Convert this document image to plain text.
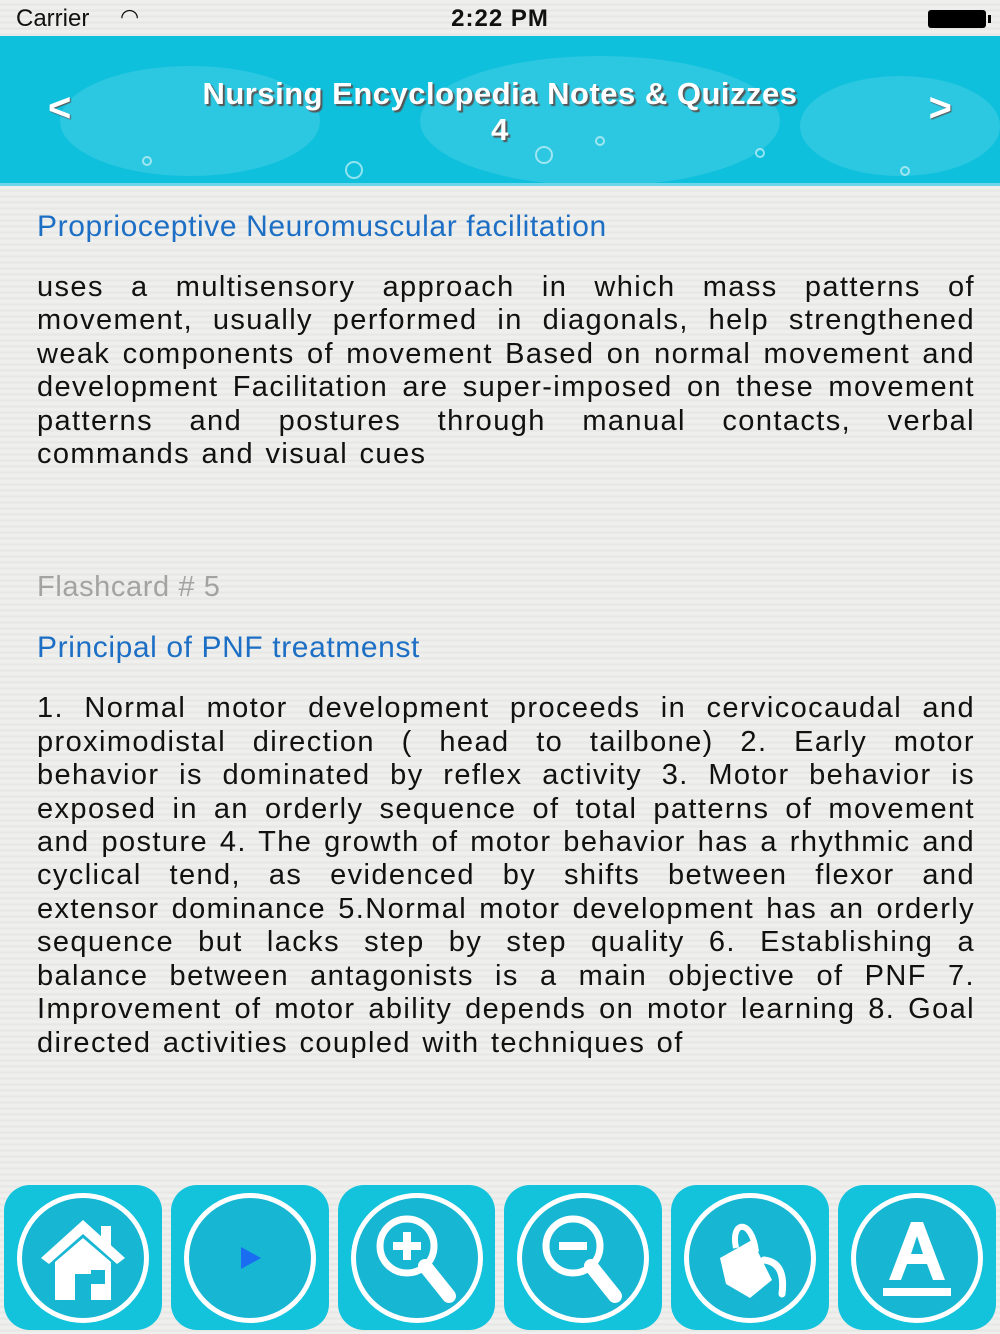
Carrier ◠	2:22 PM
<	Nursing Encyclopedia Notes & Quizzes
4	>
Proprioceptive Neuromuscular facilitation
uses a multisensory approach in which mass patterns of movement, usually performed in diagonals, help strengthened weak components of movement Based on normal movement and development Facilitation are super-imposed on these movement patterns and postures through manual contacts, verbal commands and visual cues
Flashcard # 5
Principal of PNF treatmenst
1. Normal motor development proceeds in cervicocaudal and proximodistal direction ( head to tailbone) 2. Early motor behavior is dominated by reflex activity 3. Motor behavior is exposed in an orderly sequence of total patterns of movement and posture 4. The growth of motor behavior has a rhythmic and cyclical tend, as evidenced by shifts between flexor and extensor dominance 5.Normal motor development has an orderly sequence but lacks step by step quality 6. Establishing a balance between antagonists is a main objective of PNF 7. Improvement of motor ability depends on motor learning 8. Goal directed activities coupled with techniques of
